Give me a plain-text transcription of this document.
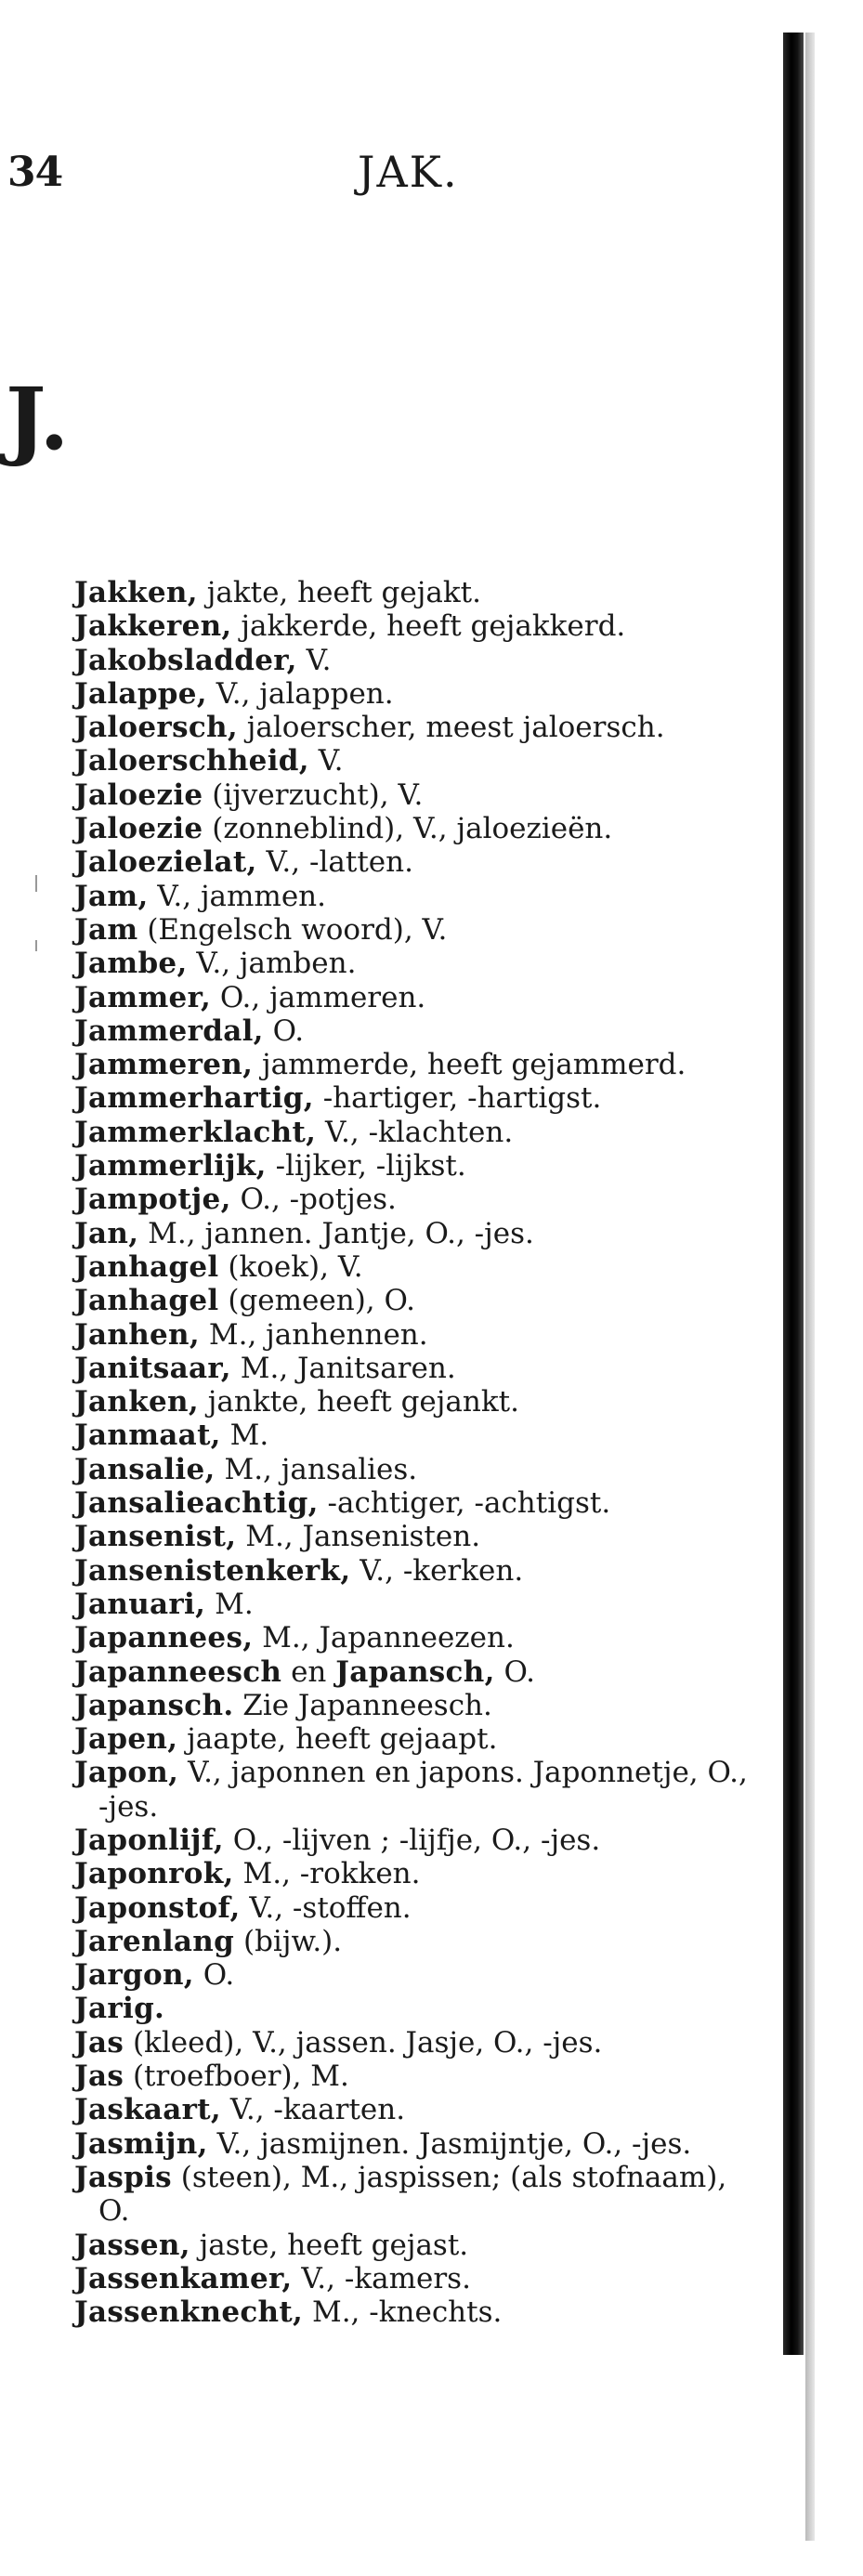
34	JAK.
J.
Jakken, jakte, heeft gejakt.
Jakkeren, jakkerde, heeft gejakkerd.
Jakobsladder, V.
Jalappe, V., jalappen.
Jaloersch, jaloerscher, meest jaloersch.
Jaloerschheid, V.
Jaloezie (ijverzucht), V.
Jaloezie (zonneblind), V., jaloezieën.
Jaloezielat, V., -latten.
Jam, V., jammen.
Jam (Engelsch woord), V.
Jambe, V., jamben.
Jammer, O., jammeren.
Jammerdal, O.
Jammeren, jammerde, heeft gejammerd.
Jammerhartig, -hartiger, -hartigst.
Jammerklacht, V., -klachten.
Jammerlijk, -lijker, -lijkst.
Jampotje, O., -potjes.
Jan, M., jannen. Jantje, O., -jes.
Janhagel (koek), V.
Janhagel (gemeen), O.
Janhen, M., janhennen.
Janitsaar, M., Janitsaren.
Janken, jankte, heeft gejankt.
Janmaat, M.
Jansalie, M., jansalies.
Jansalieachtig, -achtiger, -achtigst.
Jansenist, M., Jansenisten.
Jansenistenkerk, V., -kerken.
Januari, M.
Japannees, M., Japanneezen.
Japanneesch en Japansch, O.
Japansch. Zie Japanneesch.
Japen, jaapte, heeft gejaapt.
Japon, V., japonnen en japons. Japonnetje, O., -jes.
Japonlijf, O., -lijven ; -lijfje, O., -jes.
Japonrok, M., -rokken.
Japonstof, V., -stoffen.
Jarenlang (bijw.).
Jargon, O.
Jarig.
Jas (kleed), V., jassen. Jasje, O., -jes.
Jas (troefboer), M.
Jaskaart, V., -kaarten.
Jasmijn, V., jasmijnen. Jasmijntje, O., -jes.
Jaspis (steen), M., jaspissen; (als stofnaam), O.
Jassen, jaste, heeft gejast.
Jassenkamer, V., -kamers.
Jassenknecht, M., -knechts.
